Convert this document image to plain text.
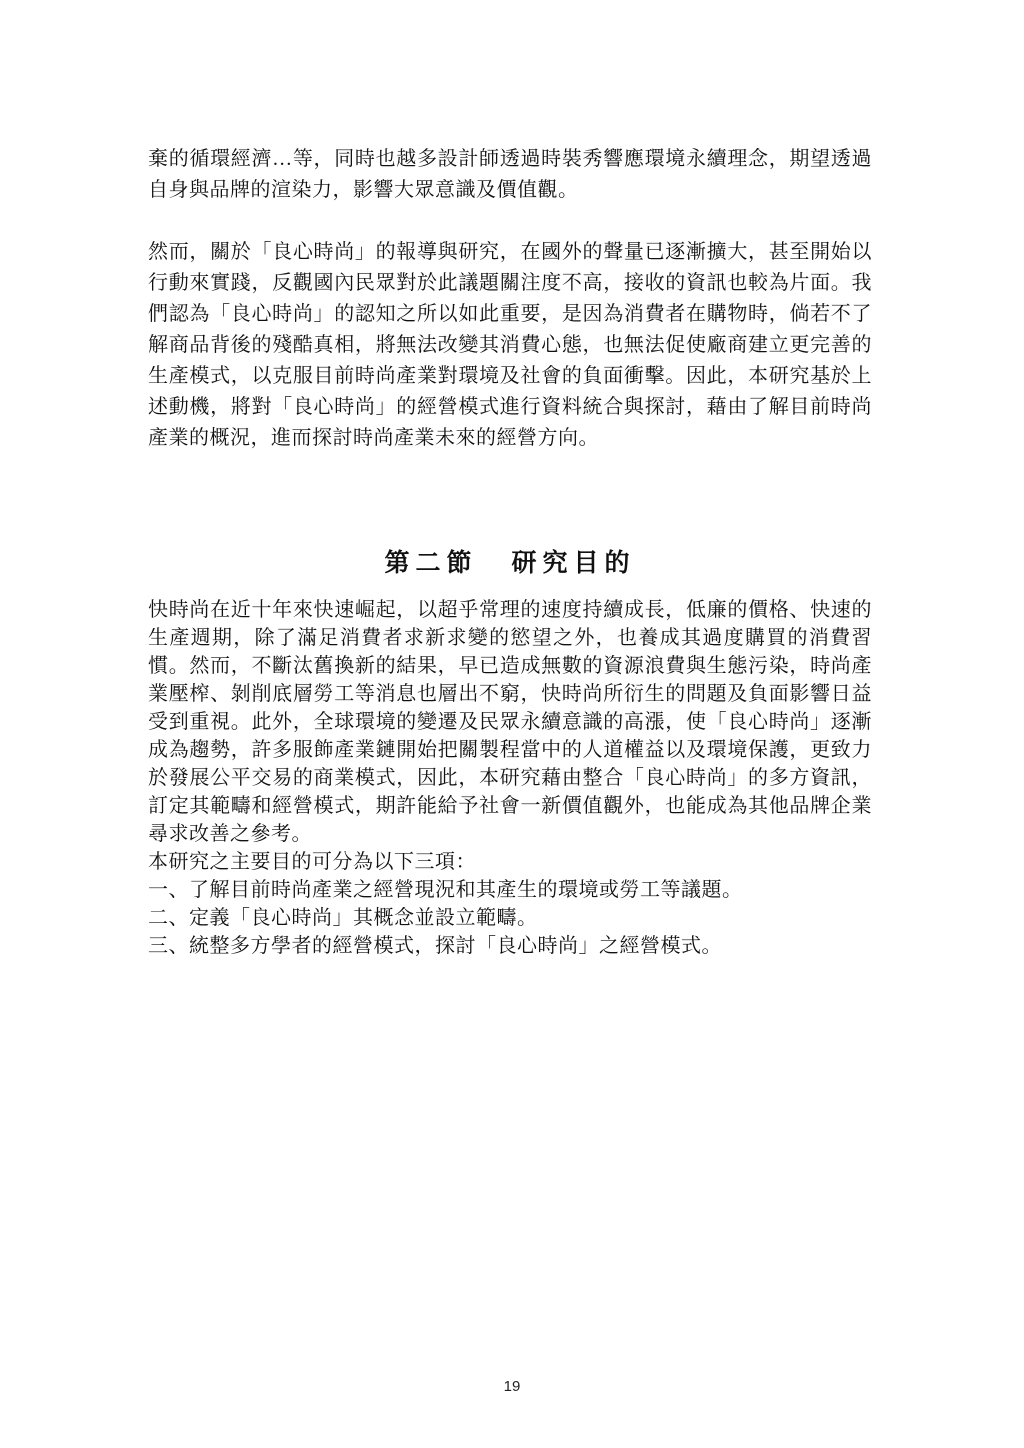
棄的循環經濟…等，同時也越多設計師透過時裝秀響應環境永續理念，期望透過自身與品牌的渲染力，影響大眾意識及價值觀。

然而，關於「良心時尚」的報導與研究，在國外的聲量已逐漸擴大，甚至開始以行動來實踐，反觀國內民眾對於此議題關注度不高，接收的資訊也較為片面。我們認為「良心時尚」的認知之所以如此重要，是因為消費者在購物時，倘若不了解商品背後的殘酷真相，將無法改變其消費心態，也無法促使廠商建立更完善的生產模式，以克服目前時尚產業對環境及社會的負面衝擊。因此，本研究基於上述動機，將對「良心時尚」的經營模式進行資料統合與探討，藉由了解目前時尚產業的概況，進而探討時尚產業未來的經營方向。

第二節 研究目的

快時尚在近十年來快速崛起，以超乎常理的速度持續成長，低廉的價格、快速的生產週期，除了滿足消費者求新求變的慾望之外，也養成其過度購買的消費習慣。然而，不斷汰舊換新的結果，早已造成無數的資源浪費與生態污染，時尚產業壓榨、剝削底層勞工等消息也層出不窮，快時尚所衍生的問題及負面影響日益受到重視。此外，全球環境的變遷及民眾永續意識的高漲，使「良心時尚」逐漸成為趨勢，許多服飾產業鏈開始把關製程當中的人道權益以及環境保護，更致力於發展公平交易的商業模式，因此，本研究藉由整合「良心時尚」的多方資訊，訂定其範疇和經營模式，期許能給予社會一新價值觀外，也能成為其他品牌企業尋求改善之參考。

本研究之主要目的可分為以下三項：

一、了解目前時尚產業之經營現況和其產生的環境或勞工等議題。

二、定義「良心時尚」其概念並設立範疇。

三、統整多方學者的經營模式，探討「良心時尚」之經營模式。

19
